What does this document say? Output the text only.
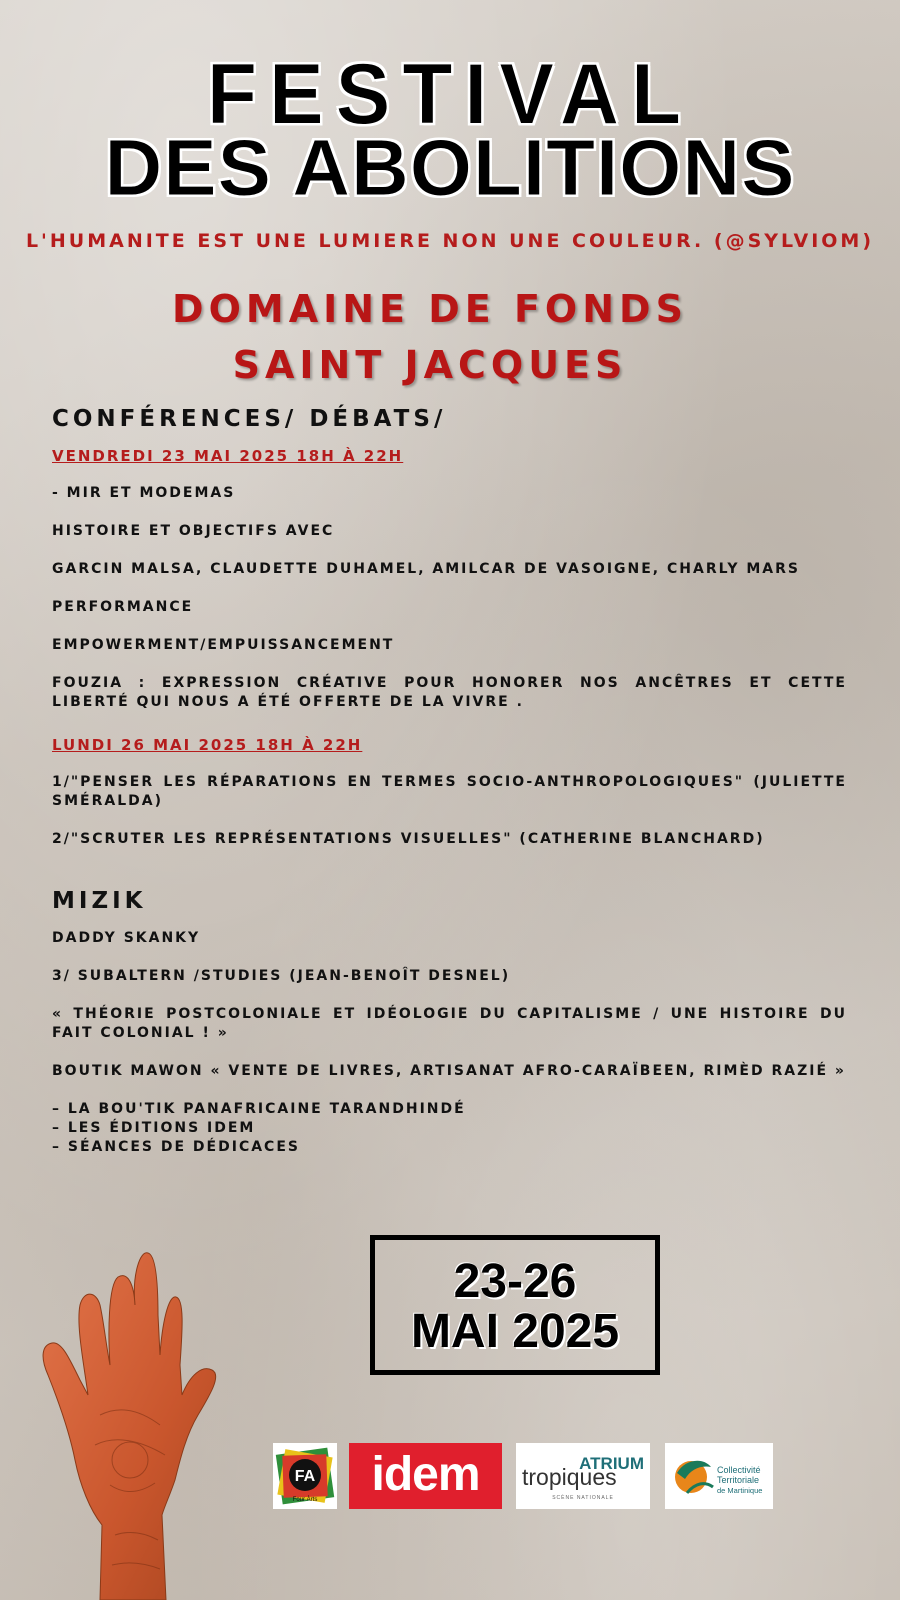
FESTIVAL
DES ABOLITIONS
L'HUMANITE EST UNE LUMIERE NON UNE COULEUR. (@SYLVIOM)
DOMAINE DE FONDS
SAINT JACQUES
CONFÉRENCES/ DÉBATS/
VENDREDI 23 MAI 2025 18H À 22H
- MIR ET MODEMAS
HISTOIRE ET OBJECTIFS AVEC
GARCIN MALSA, CLAUDETTE DUHAMEL, AMILCAR DE VASOIGNE, CHARLY MARS
PERFORMANCE
EMPOWERMENT/EMPUISSANCEMENT
FOUZIA : EXPRESSION CRÉATIVE POUR HONORER NOS ANCÊTRES ET CETTE LIBERTÉ QUI NOUS A ÉTÉ OFFERTE DE LA VIVRE .
LUNDI 26 MAI 2025 18H À 22H
1/"PENSER LES RÉPARATIONS EN TERMES SOCIO-ANTHROPOLOGIQUES" (JULIETTE SMÉRALDA)
2/"SCRUTER LES REPRÉSENTATIONS VISUELLES" (CATHERINE BLANCHARD)
MIZIK
DADDY SKANKY
3/ SUBALTERN /STUDIES (JEAN-BENOÎT DESNEL)
« THÉORIE POSTCOLONIALE ET IDÉOLOGIE DU CAPITALISME / UNE HISTOIRE DU FAIT COLONIAL ! »
BOUTIK MAWON « VENTE DE LIVRES, ARTISANAT AFRO-CARAÏBEEN, RIMÈD RAZIÉ »
– LA BOU'TIK PANAFRICAINE TARANDHINDÉ
– LES ÉDITIONS IDEM
– SÉANCES DE DÉDICACES
23-26
MAI 2025
FA
Four Àrts	idem	ATRIUM
tropiques
SCÈNE NATIONALE
Collectivité
Territoriale
de Martinique
